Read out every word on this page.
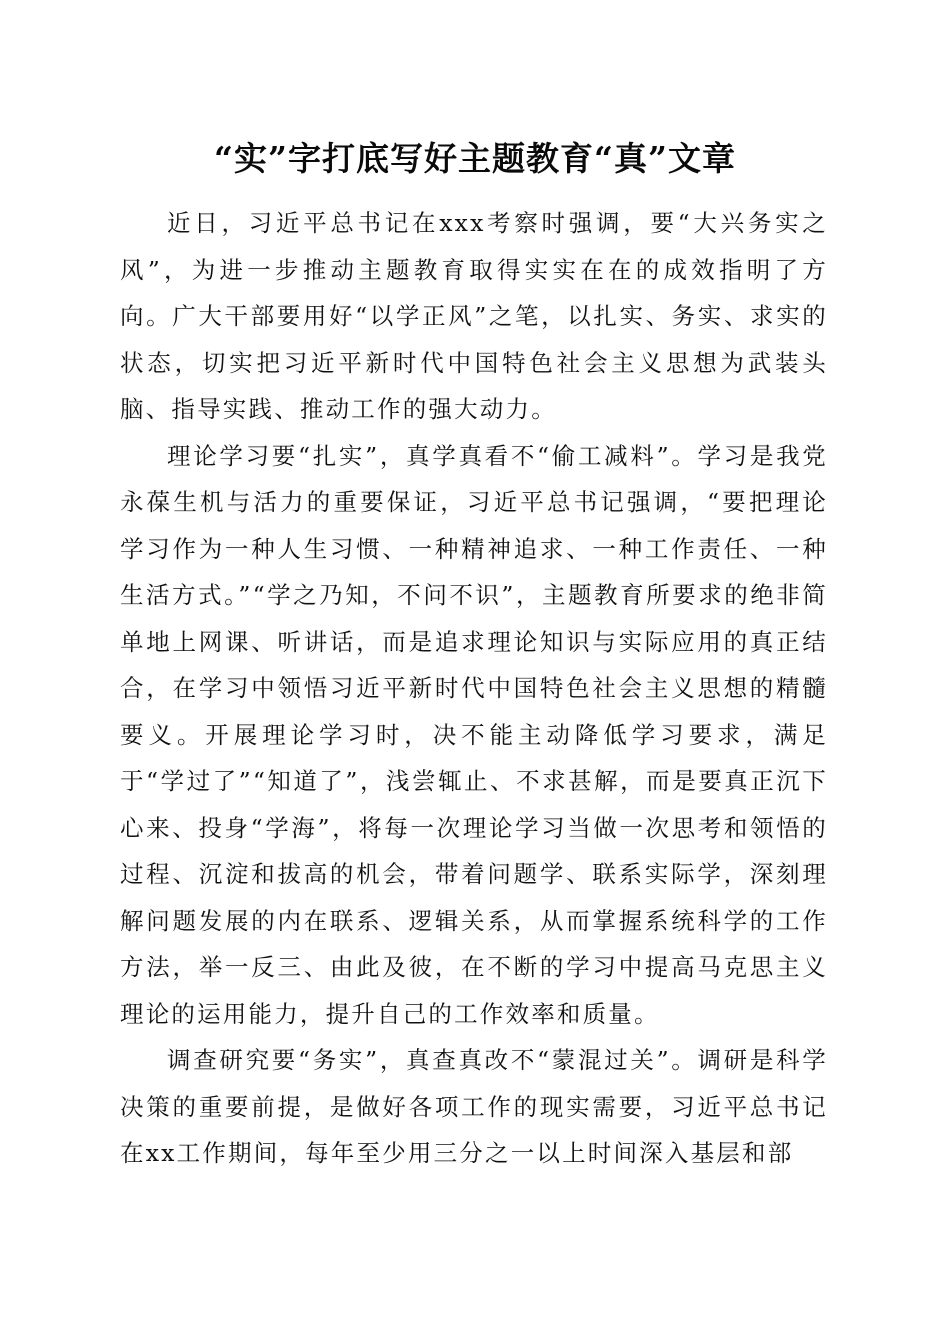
“实”字打底写好主题教育“真”文章

近日，习近平总书记在xxx考察时强调，要“大兴务实之风”，为进一步推动主题教育取得实实在在的成效指明了方向。广大干部要用好“以学正风”之笔，以扎实、务实、求实的状态，切实把习近平新时代中国特色社会主义思想为武装头脑、指导实践、推动工作的强大动力。

理论学习要“扎实”，真学真看不“偷工减料”。学习是我党永葆生机与活力的重要保证，习近平总书记强调，“要把理论学习作为一种人生习惯、一种精神追求、一种工作责任、一种生活方式。”“学之乃知，不问不识”，主题教育所要求的绝非简单地上网课、听讲话，而是追求理论知识与实际应用的真正结合，在学习中领悟习近平新时代中国特色社会主义思想的精髓要义。开展理论学习时，决不能主动降低学习要求，满足于“学过了”“知道了”，浅尝辄止、不求甚解，而是要真正沉下心来、投身“学海”，将每一次理论学习当做一次思考和领悟的过程、沉淀和拔高的机会，带着问题学、联系实际学，深刻理解问题发展的内在联系、逻辑关系，从而掌握系统科学的工作方法，举一反三、由此及彼，在不断的学习中提高马克思主义理论的运用能力，提升自己的工作效率和质量。

调查研究要“务实”，真查真改不“蒙混过关”。调研是科学决策的重要前提，是做好各项工作的现实需要，习近平总书记在xx工作期间，每年至少用三分之一以上时间深入基层和部
